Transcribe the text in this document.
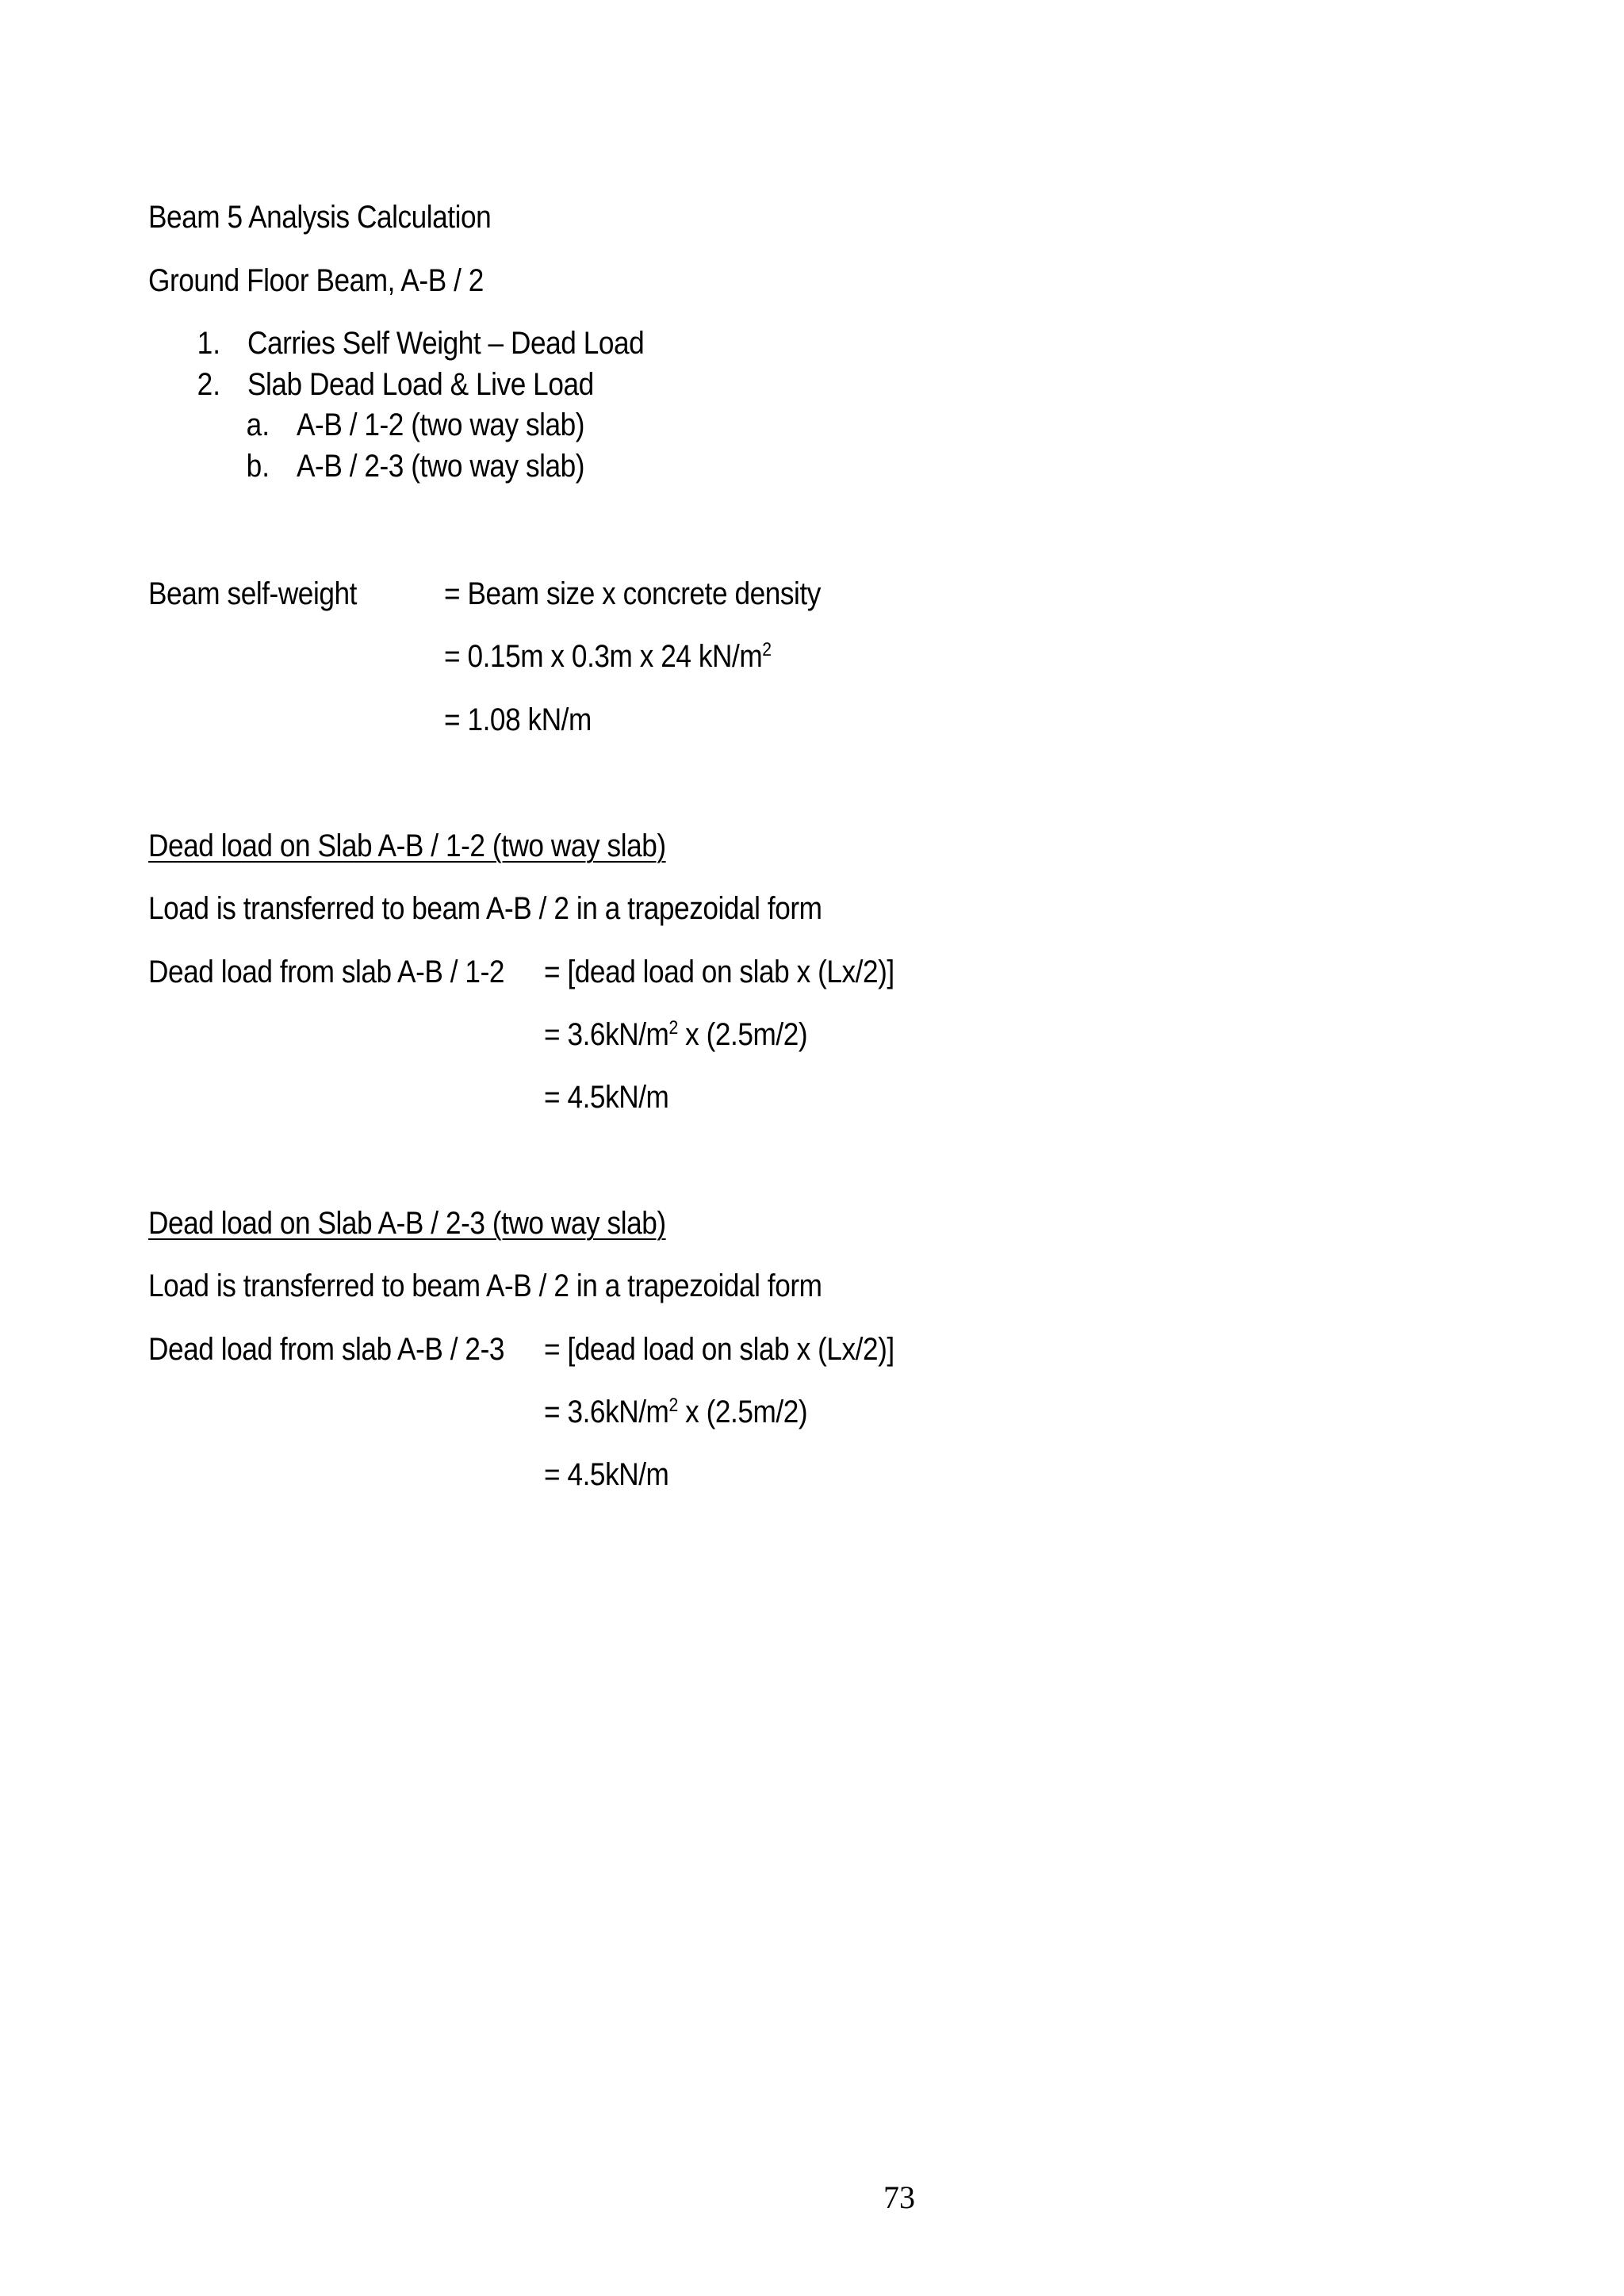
Beam 5 Analysis Calculation
Ground Floor Beam, A-B / 2
1. Carries Self Weight – Dead Load
2. Slab Dead Load & Live Load
a. A-B / 1-2 (two way slab)
b. A-B / 2-3 (two way slab)
Beam self-weight	= Beam size x concrete density
= 0.15m x 0.3m x 24 $kN/m^2$
= 1.08 kN/m
Dead load on Slab A-B / 1-2 (two way slab)
Load is transferred to beam A-B / 2 in a trapezoidal form
Dead load from slab A-B / 1-2 = [dead load on slab x (Lx/2)]
= $3.6kN/m^2$ x (2.5m/2)
= 4.5kN/m
Dead load on Slab A-B / 2-3 (two way slab)
Load is transferred to beam A-B / 2 in a trapezoidal form
Dead load from slab A-B / 2-3 = [dead load on slab x (Lx/2)]
= $3.6kN/m^2$ x (2.5m/2)
= 4.5kN/m
73
